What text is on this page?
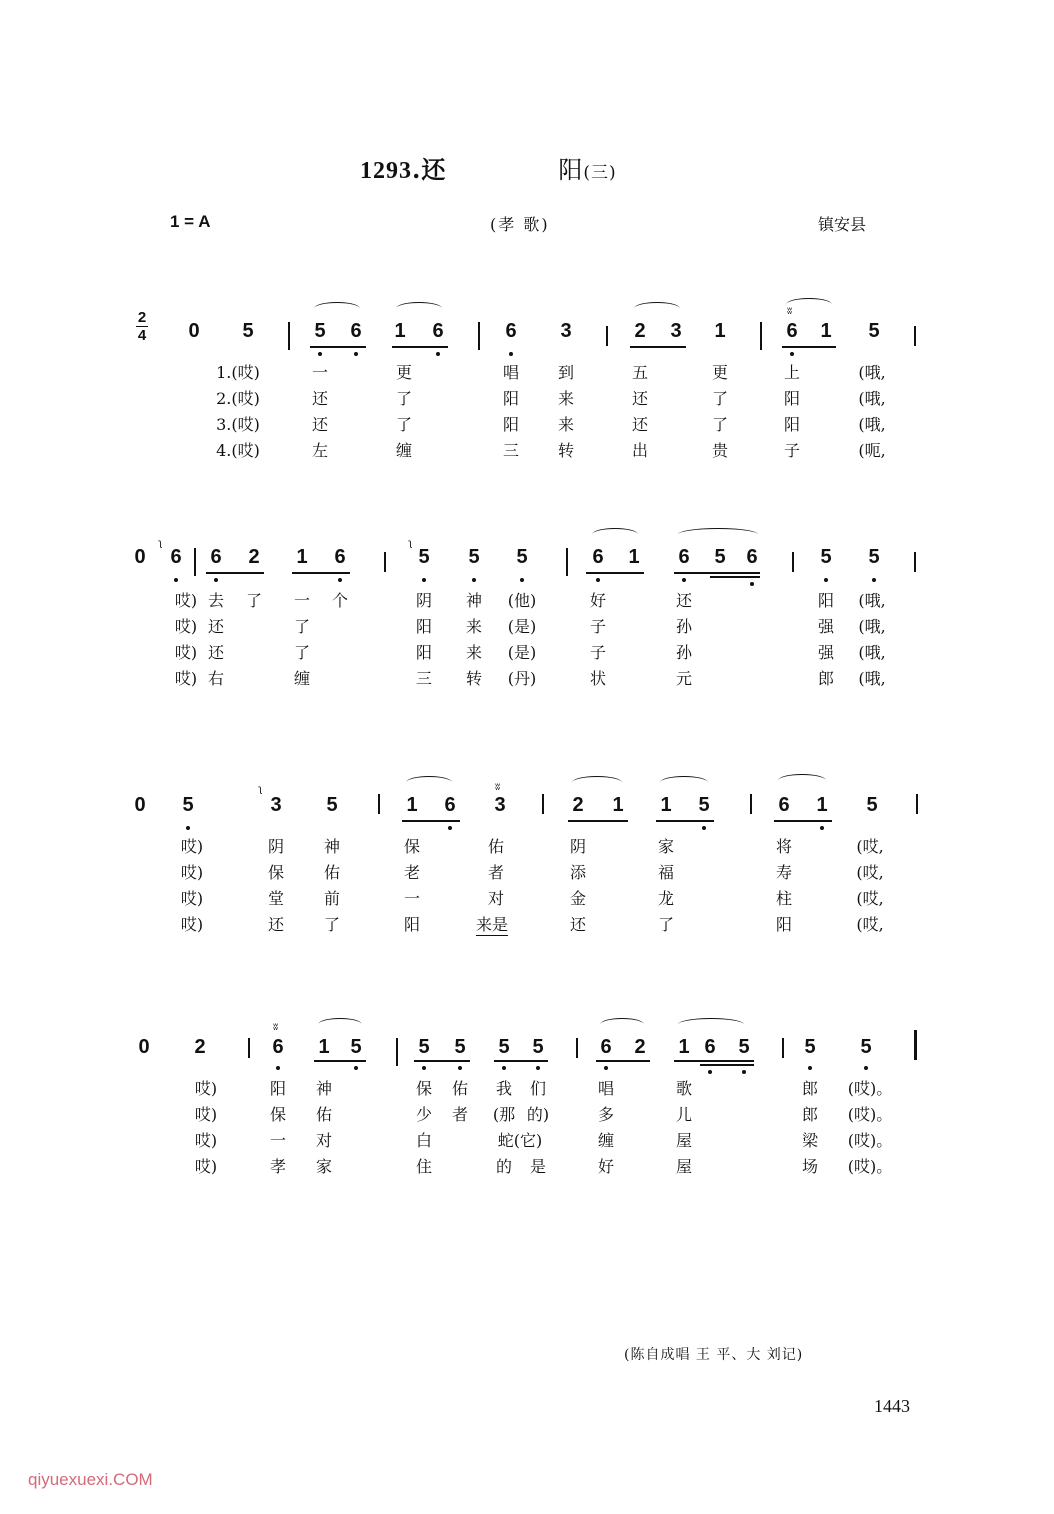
1293.还	阳(三)
1 = A	(孝 歌)	镇安县
2
4 0 5	5 6 1 6	6 3	2 3 1	6 1 5
ʬ
1.(哎)	一	更	唱 到	五	更	上	(哦,
2.(哎)	还	了	阳 来	还	了	阳	(哦,
3.(哎)	还	了	阳 来	还	了	阳	(哦,
4.(哎)	左	缠	三 转	出	贵	子	(呃,
0 6 6 2 1 6	5 5 5	6 1 6 5 6	5 5
ʅ	ʅ
哎) 去 了 一 个	阴 神 (他)	好	还	阳 (哦,
哎) 还	了	阳 来 (是)	子	孙	强 (哦,
哎) 还	了	阳 来 (是)	子	孙	强 (哦,
哎) 右	缠	三 转 (丹)	状	元	郎 (哦,
0 5	3 5	1 6 3	2 1 1 5	6 1 5
ʅ	ʬ
哎)	阴 神	保	佑	阴	家	将	(哎,
哎)	保 佑	老	者	添	福	寿	(哎,
哎)	堂 前	一	对	金	龙	柱	(哎,
哎)	还 了	阳	来是	还	了	阳	(哎,
0 2	6 1 5	5 5 5 5	6 2 1 6 5	5 5
ʬ
哎)	阳 神	保 佑 我 们	唱	歌	郎 (哎)。
哎)	保 佑	少 者 (那 的)	多	儿	郎 (哎)。
哎)	一 对	白	蛇(它)	缠	屋	梁 (哎)。
哎)	孝 家	住	的 是	好	屋	场 (哎)。
(陈自成唱 王 平、大 刘记)
1443
qiyuexuexi.COM
